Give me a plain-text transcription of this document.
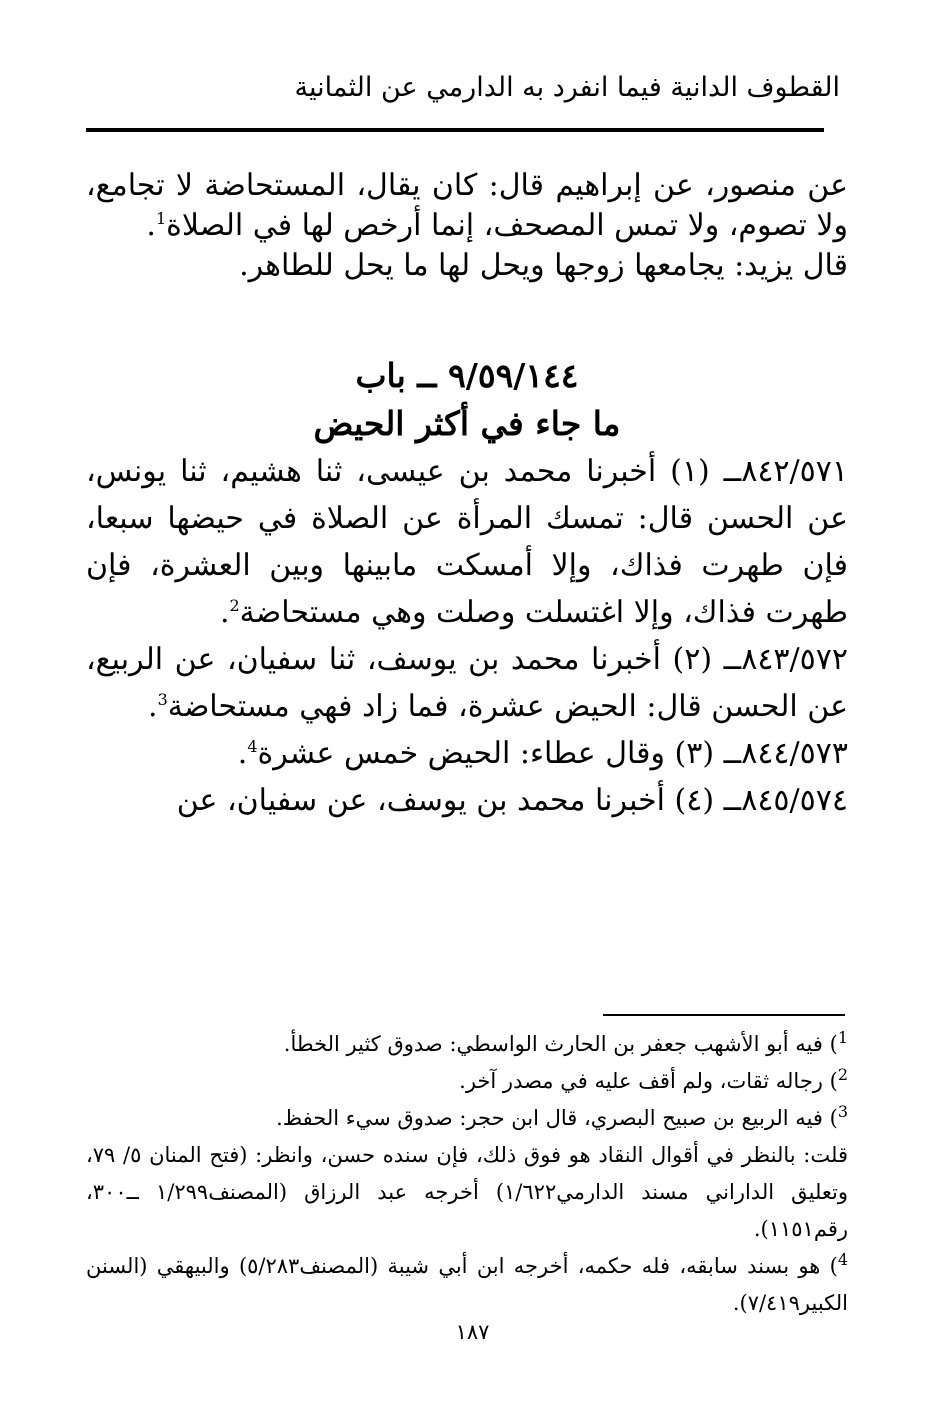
القطوف الدانية فيما انفرد به الدارمي عن الثمانية

عن منصور، عن إبراهيم قال: كان يقال، المستحاضة لا تجامع، ولا تصوم، ولا تمس المصحف، إنما أرخص لها في الصلاة$^1$.

قال يزيد: يجامعها زوجها ويحل لها ما يحل للطاهر.

٩/٥٩/١٤٤ ــ باب
ما جاء في أكثر الحيض

٨٤٢/٥٧١ــ (١) أخبرنا محمد بن عيسى، ثنا هشيم، ثنا يونس، عن الحسن قال: تمسك المرأة عن الصلاة في حيضها سبعا، فإن طهرت فذاك، وإلا أمسكت مابينها وبين العشرة، فإن طهرت فذاك، وإلا اغتسلت وصلت وهي مستحاضة$^2$.

٨٤٣/٥٧٢ــ (٢) أخبرنا محمد بن يوسف، ثنا سفيان، عن الربيع، عن الحسن قال: الحيض عشرة، فما زاد فهي مستحاضة$^3$.

٨٤٤/٥٧٣ــ (٣) وقال عطاء: الحيض خمس عشرة$^4$.

٨٤٥/٥٧٤ــ (٤) أخبرنا محمد بن يوسف، عن سفيان، عن

$^1$) فيه أبو الأشهب جعفر بن الحارث الواسطي: صدوق كثير الخطأ.

$^2$) رجاله ثقات، ولم أقف عليه في مصدر آخر.

$^3$) فيه الربيع بن صبيح البصري، قال ابن حجر: صدوق سيء الحفظ.

قلت: بالنظر في أقوال النقاد هو فوق ذلك، فإن سنده حسن، وانظر: (فتح المنان ٥/ ٧٩، وتعليق الداراني مسند الدارمي١/٦٢٢) أخرجه عبد الرزاق (المصنف١/٢٩٩ ــ٣٠٠، رقم١١٥١).

$^4$) هو بسند سابقه، فله حكمه، أخرجه ابن أبي شيبة (المصنف٥/٢٨٣) والبيهقي (السنن الكبير٧/٤١٩).

١٨٧
